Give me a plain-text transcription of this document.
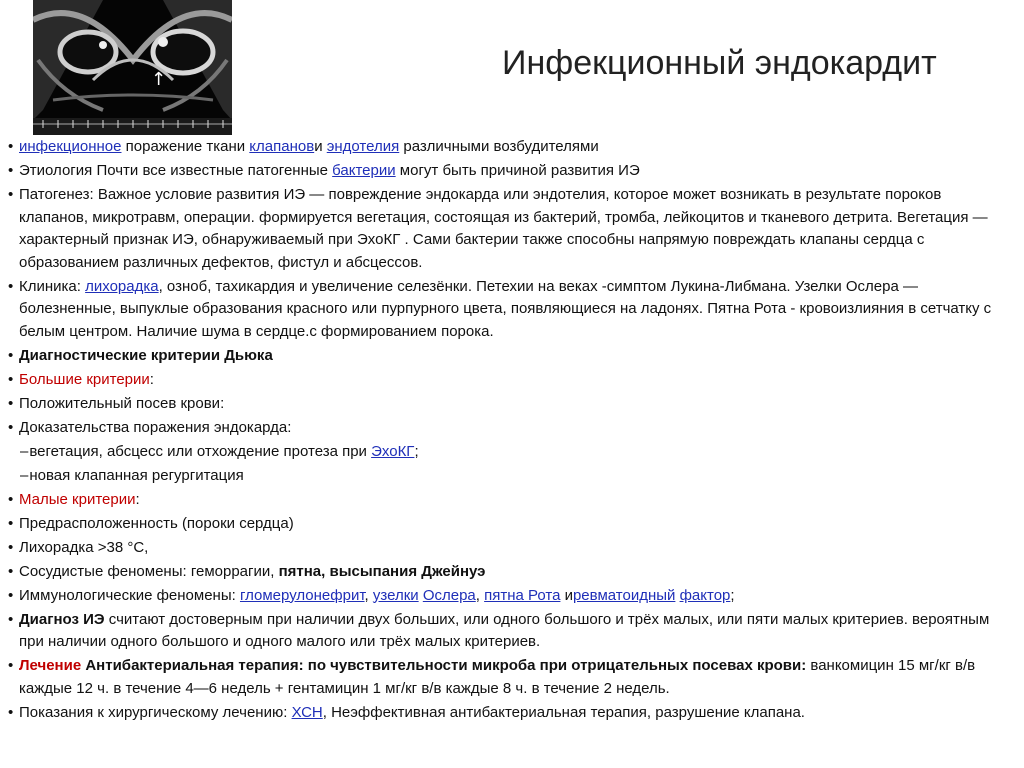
↑	Инфекционный эндокардит
• инфекционное поражение ткани клапанови эндотелия различными возбудителями
• Этиология Почти все известные патогенные бактерии могут быть причиной развития ИЭ
• Патогенез: Важное условие развития ИЭ — повреждение эндокарда или эндотелия, которое может возникать в результате пороков клапанов, микротравм, операции. формируется вегетация, состоящая из бактерий, тромба, лейкоцитов и тканевого детрита. Вегетация — характерный признак ИЭ, обнаруживаемый при ЭхоКГ . Сами бактерии также способны напрямую повреждать клапаны сердца с образованием различных дефектов, фистул и абсцессов.
• Клиника: лихорадка, озноб, тахикардия и увеличение селезёнки. Петехии на веках -симптом Лукина-Либмана. Узелки Ослера — болезненные, выпуклые образования красного или пурпурного цвета, появляющиеся на ладонях. Пятна Рота - кровоизлияния в сетчатку с белым центром. Наличие шума в сердце.с формированием порока.
• Диагностические критерии Дьюка
• Большие критерии:
• Положительный посев крови:
• Доказательства поражения эндокарда:
–вегетация, абсцесс или отхождение протеза при ЭхоКГ;
–новая клапанная регургитация
• Малые критерии:
• Предрасположенность (пороки сердца)
• Лихорадка >38 °C,
• Сосудистые феномены: геморрагии, пятна, высыпания Джейнуэ
• Иммунологические феномены: гломерулонефрит, узелки Ослера, пятна Рота иревматоидный фактор;
• Диагноз ИЭ считают достоверным при наличии двух больших, или одного большого и трёх малых, или пяти малых критериев. вероятным при наличии одного большого и одного малого или трёх малых критериев.
• Лечение Антибактериальная терапия: по чувствительности микроба при отрицательных посевах крови: ванкомицин 15 мг/кг в/в каждые 12 ч. в течение 4—6 недель + гентамицин 1 мг/кг в/в каждые 8 ч. в течение 2 недель.
• Показания к хирургическому лечению: ХСН, Неэффективная антибактериальная терапия, разрушение клапана.
